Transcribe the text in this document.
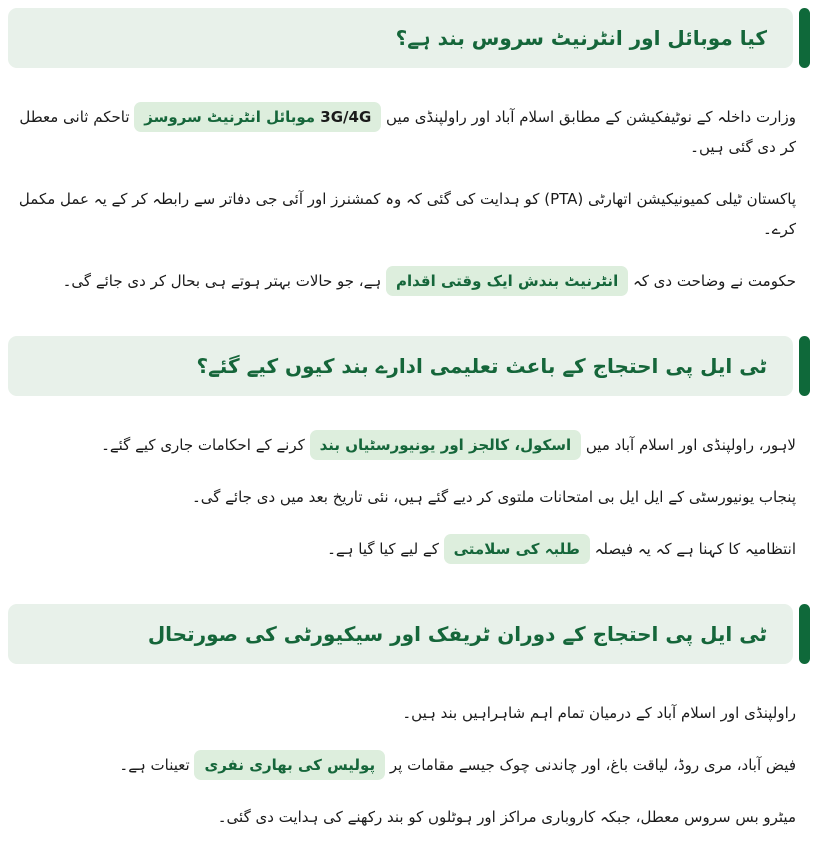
کیا موبائل اور انٹرنیٹ سروس بند ہے؟

وزارت داخلہ کے نوٹیفکیشن کے مطابق اسلام آباد اور راولپنڈی میں 3G/4G موبائل انٹرنیٹ سروسز تاحکم ثانی معطل کر دی گئی ہیں۔

پاکستان ٹیلی کمیونیکیشن اتھارٹی (PTA) کو ہدایت کی گئی کہ وہ کمشنرز اور آئی جی دفاتر سے رابطہ کر کے یہ عمل مکمل کرے۔

حکومت نے وضاحت دی کہ انٹرنیٹ بندش ایک وقتی اقدام ہے، جو حالات بہتر ہوتے ہی بحال کر دی جائے گی۔

ٹی ایل پی احتجاج کے باعث تعلیمی ادارے بند کیوں کیے گئے؟

لاہور، راولپنڈی اور اسلام آباد میں اسکول، کالجز اور یونیورسٹیاں بند کرنے کے احکامات جاری کیے گئے۔

پنجاب یونیورسٹی کے ایل ایل بی امتحانات ملتوی کر دیے گئے ہیں، نئی تاریخ بعد میں دی جائے گی۔

انتظامیہ کا کہنا ہے کہ یہ فیصلہ طلبہ کی سلامتی کے لیے کیا گیا ہے۔

ٹی ایل پی احتجاج کے دوران ٹریفک اور سیکیورٹی کی صورتحال

راولپنڈی اور اسلام آباد کے درمیان تمام اہم شاہراہیں بند ہیں۔

فیض آباد، مری روڈ، لیاقت باغ، اور چاندنی چوک جیسے مقامات پر پولیس کی بھاری نفری تعینات ہے۔

میٹرو بس سروس معطل، جبکہ کاروباری مراکز اور ہوٹلوں کو بند رکھنے کی ہدایت دی گئی۔
